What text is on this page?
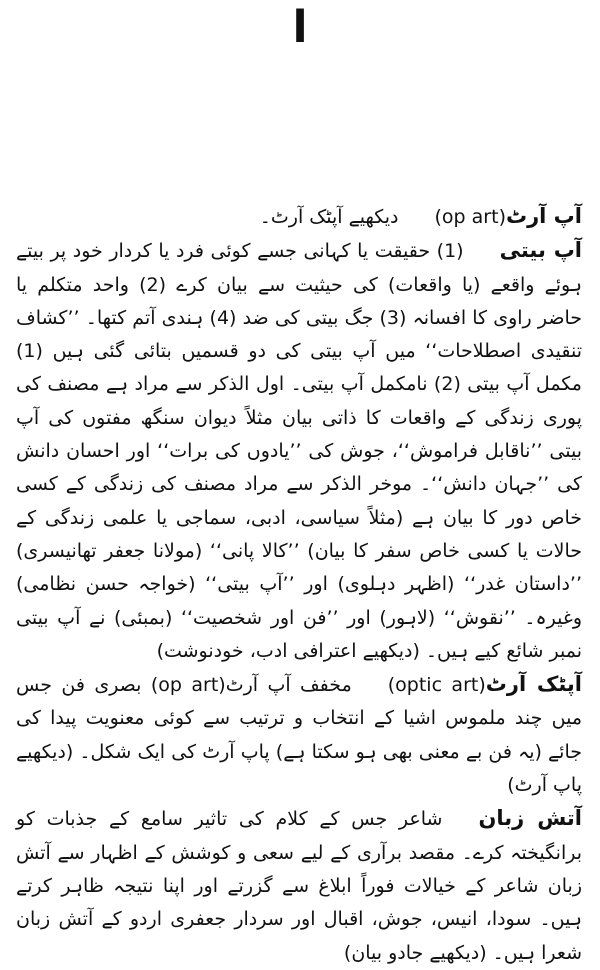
ا

آپ آرٹ(op art)دیکھیے آپٹک آرٹ۔

آپ بیتی(1) حقیقت یا کہانی جسے کوئی فرد یا کردار خود پر بیتے ہوئے واقعے (یا واقعات) کی حیثیت سے بیان کرے (2) واحد متکلم یا حاضر راوی کا افسانہ (3) جگ بیتی کی ضد (4) ہندی آتم کتھا۔ ’’کشاف تنقیدی اصطلاحات‘‘ میں آپ بیتی کی دو قسمیں بتائی گئی ہیں (1) مکمل آپ بیتی (2) نامکمل آپ بیتی۔ اول الذکر سے مراد ہے مصنف کی پوری زندگی کے واقعات کا ذاتی بیان مثلاً دیوان سنگھ مفتوں کی آپ بیتی ’’ناقابل فراموش‘‘، جوش کی ’’یادوں کی برات‘‘ اور احسان دانش کی ’’جہان دانش‘‘۔ موخر الذکر سے مراد مصنف کی زندگی کے کسی خاص دور کا بیان ہے (مثلاً سیاسی، ادبی، سماجی یا علمی زندگی کے حالات یا کسی خاص سفر کا بیان) ’’کالا پانی‘‘ (مولانا جعفر تھانیسری) ’’داستان غدر‘‘ (اظہر دہلوی) اور ’’آپ بیتی‘‘ (خواجہ حسن نظامی) وغیرہ۔ ’’نقوش‘‘ (لاہور) اور ’’فن اور شخصیت‘‘ (بمبئی) نے آپ بیتی نمبر شائع کیے ہیں۔ (دیکھیے اعترافی ادب، خودنوشت)

آپٹک آرٹ(optic art)مخفف آپ آرٹ(op art) بصری فن جس میں چند ملموس اشیا کے انتخاب و ترتیب سے کوئی معنویت پیدا کی جائے (یہ فن بے معنی بھی ہو سکتا ہے) پاپ آرٹ کی ایک شکل۔ (دیکھیے پاپ آرٹ)

آتش زبانشاعر جس کے کلام کی تاثیر سامع کے جذبات کو برانگیختہ کرے۔ مقصد برآری کے لیے سعی و کوشش کے اظہار سے آتش زبان شاعر کے خیالات فوراً ابلاغ سے گزرتے اور اپنا نتیجہ ظاہر کرتے ہیں۔ سودا، انیس، جوش، اقبال اور سردار جعفری اردو کے آتش زبان شعرا ہیں۔ (دیکھیے جادو بیان)
